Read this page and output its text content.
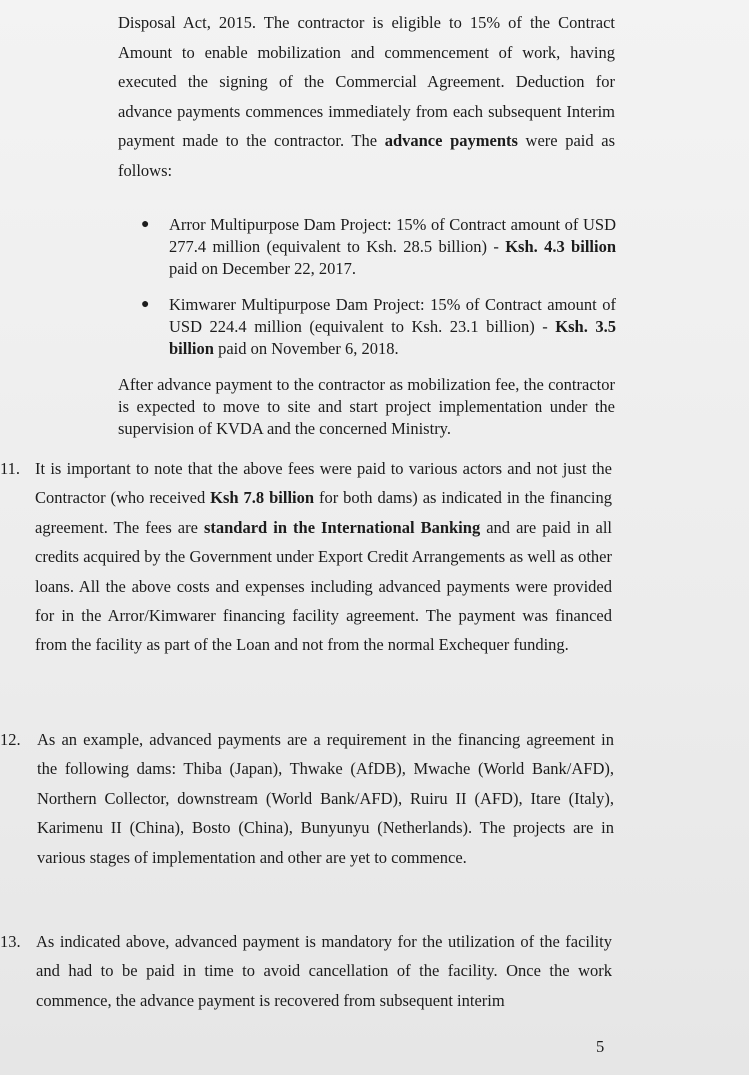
Disposal Act, 2015. The contractor is eligible to 15% of the Contract Amount to enable mobilization and commencement of work, having executed the signing of the Commercial Agreement. Deduction for advance payments commences immediately from each subsequent Interim payment made to the contractor. The advance payments were paid as follows:
● Arror Multipurpose Dam Project: 15% of Contract amount of USD 277.4 million (equivalent to Ksh. 28.5 billion) - Ksh. 4.3 billion paid on December 22, 2017.
● Kimwarer Multipurpose Dam Project: 15% of Contract amount of USD 224.4 million (equivalent to Ksh. 23.1 billion) - Ksh. 3.5 billion paid on November 6, 2018.
After advance payment to the contractor as mobilization fee, the contractor is expected to move to site and start project implementation under the supervision of KVDA and the concerned Ministry.
11. It is important to note that the above fees were paid to various actors and not just the Contractor (who received Ksh 7.8 billion for both dams) as indicated in the financing agreement. The fees are standard in the International Banking and are paid in all credits acquired by the Government under Export Credit Arrangements as well as other loans. All the above costs and expenses including advanced payments were provided for in the Arror/Kimwarer financing facility agreement. The payment was financed from the facility as part of the Loan and not from the normal Exchequer funding.
12. As an example, advanced payments are a requirement in the financing agreement in the following dams: Thiba (Japan), Thwake (AfDB), Mwache (World Bank/AFD), Northern Collector, downstream (World Bank/AFD), Ruiru II (AFD), Itare (Italy), Karimenu II (China), Bosto (China), Bunyunyu (Netherlands). The projects are in various stages of implementation and other are yet to commence.
13. As indicated above, advanced payment is mandatory for the utilization of the facility and had to be paid in time to avoid cancellation of the facility. Once the work commence, the advance payment is recovered from subsequent interim
5
